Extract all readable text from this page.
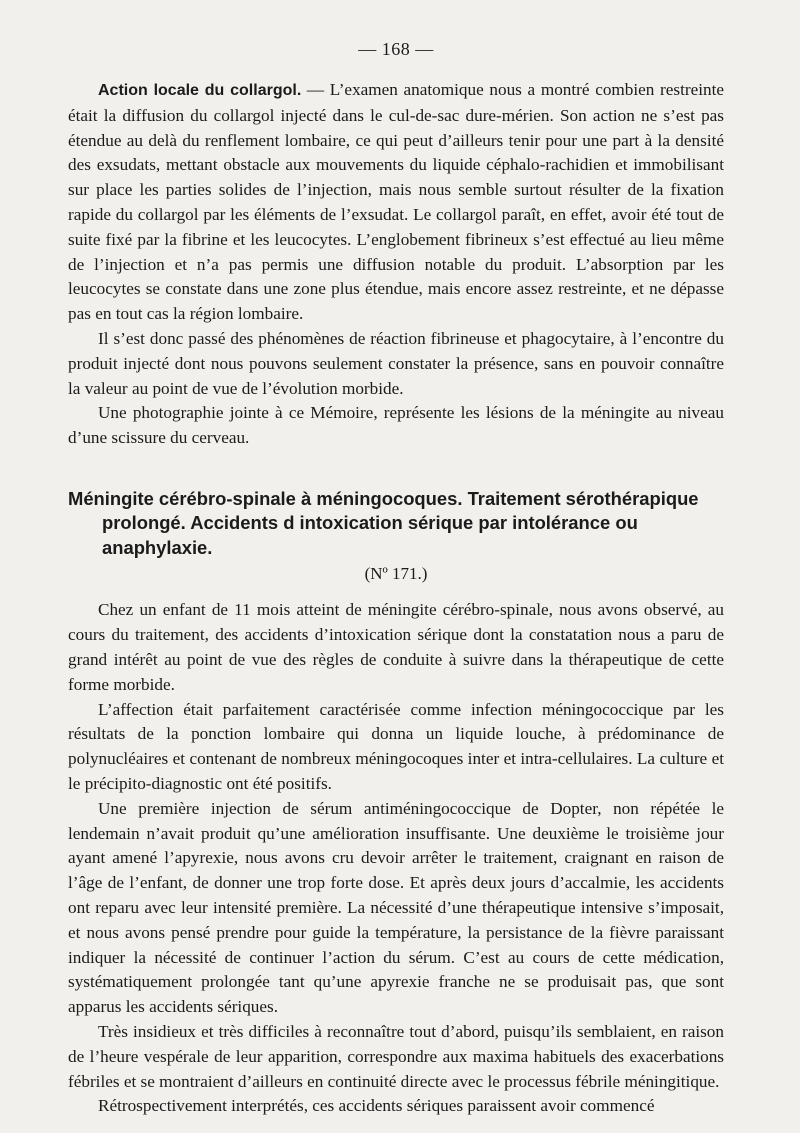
— 168 —

Action locale du collargol. — L’examen anatomique nous a montré combien restreinte était la diffusion du collargol injecté dans le cul-de-sac dure-mérien. Son action ne s’est pas étendue au delà du renflement lombaire, ce qui peut d’ailleurs tenir pour une part à la densité des exsudats, mettant obstacle aux mouvements du liquide céphalo-rachidien et immobilisant sur place les parties solides de l’injection, mais nous semble surtout résulter de la fixation rapide du collargol par les éléments de l’exsudat. Le collargol paraît, en effet, avoir été tout de suite fixé par la fibrine et les leucocytes. L’englobement fibrineux s’est effectué au lieu même de l’injection et n’a pas permis une diffusion notable du produit. L’absorption par les leucocytes se constate dans une zone plus étendue, mais encore assez restreinte, et ne dépasse pas en tout cas la région lombaire.

Il s’est donc passé des phénomènes de réaction fibrineuse et phagocytaire, à l’encontre du produit injecté dont nous pouvons seulement constater la présence, sans en pouvoir connaître la valeur au point de vue de l’évolution morbide.

Une photographie jointe à ce Mémoire, représente les lésions de la méningite au niveau d’une scissure du cerveau.

Méningite cérébro-spinale à méningocoques. Traitement sérothérapique prolongé. Accidents d intoxication sérique par intolérance ou anaphylaxie.
(Nº 171.)

Chez un enfant de 11 mois atteint de méningite cérébro-spinale, nous avons observé, au cours du traitement, des accidents d’intoxication sérique dont la constatation nous a paru de grand intérêt au point de vue des règles de conduite à suivre dans la thérapeutique de cette forme morbide.

L’affection était parfaitement caractérisée comme infection méningococcique par les résultats de la ponction lombaire qui donna un liquide louche, à prédominance de polynucléaires et contenant de nombreux méningocoques inter et intra-cellulaires. La culture et le précipito-diagnostic ont été positifs.

Une première injection de sérum antiméningococcique de Dopter, non répétée le lendemain n’avait produit qu’une amélioration insuffisante. Une deuxième le troisième jour ayant amené l’apyrexie, nous avons cru devoir arrêter le traitement, craignant en raison de l’âge de l’enfant, de donner une trop forte dose. Et après deux jours d’accalmie, les accidents ont reparu avec leur intensité première. La nécessité d’une thérapeutique intensive s’imposait, et nous avons pensé prendre pour guide la température, la persistance de la fièvre paraissant indiquer la nécessité de continuer l’action du sérum. C’est au cours de cette médication, systématiquement prolongée tant qu’une apyrexie franche ne se produisait pas, que sont apparus les accidents sériques.

Très insidieux et très difficiles à reconnaître tout d’abord, puisqu’ils semblaient, en raison de l’heure vespérale de leur apparition, correspondre aux maxima habituels des exacerbations fébriles et se montraient d’ailleurs en continuité directe avec le processus fébrile méningitique.

Rétrospectivement interprétés, ces accidents sériques paraissent avoir commencé
